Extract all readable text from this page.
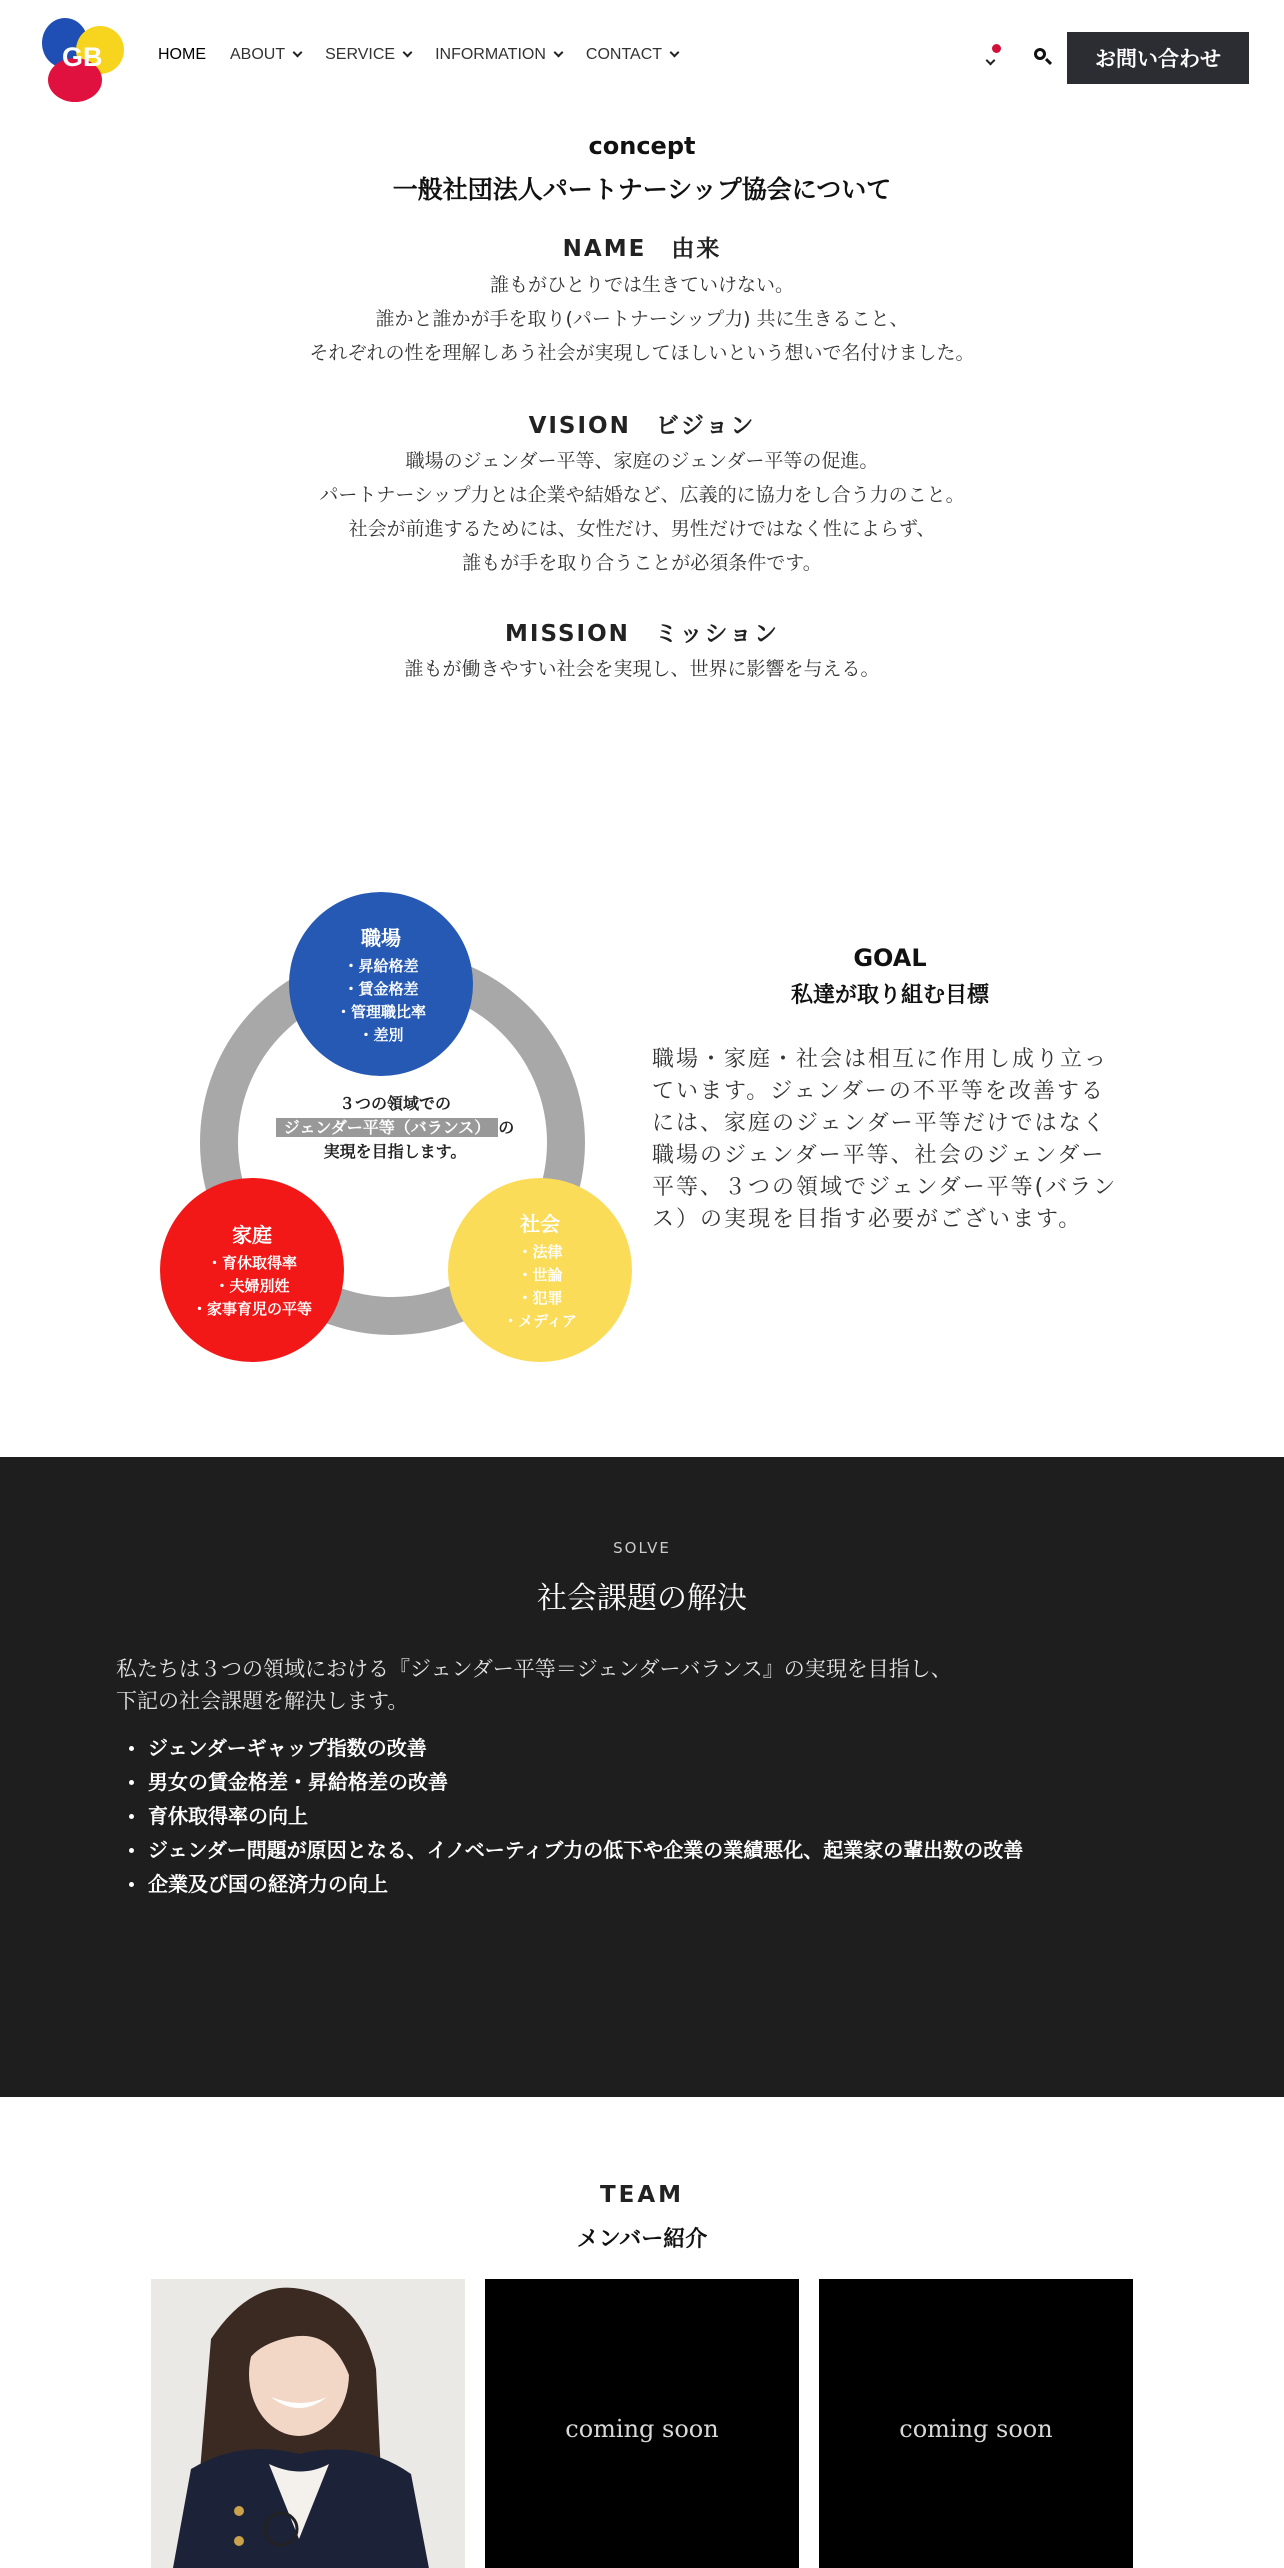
GB	HOME ABOUT	SERVICE	INFORMATION	CONTACT	お問い合わせ
concept
一般社団法人パートナーシップ協会について
NAME　由来
誰もがひとりでは生きていけない。
誰かと誰かが手を取り(パートナーシップ力) 共に生きること、
それぞれの性を理解しあう社会が実現してほしいという想いで名付けました。
VISION　ビジョン
職場のジェンダー平等、家庭のジェンダー平等の促進。
パートナーシップ力とは企業や結婚など、広義的に協力をし合う力のこと。
社会が前進するためには、女性だけ、男性だけではなく性によらず、
誰もが手を取り合うことが必須条件です。
MISSION　ミッション
誰もが働きやすい社会を実現し、世界に影響を与える。
職場
・昇給格差
・賃金格差
・管理職比率
・差別
３つの領域での
ジェンダー平等（バランス） の
実現を目指します。
家庭
・育休取得率
・夫婦別姓
・家事育児の平等
社会
・法律
・世論
・犯罪
・メディア
GOAL
私達が取り組む目標
職場・家庭・社会は相互に作用し成り立っています。ジェンダーの不平等を改善するには、家庭のジェンダー平等だけではなく職場のジェンダー平等、社会のジェンダー平等、３つの領域でジェンダー平等(バランス）の実現を目指す必要がございます。
SOLVE
社会課題の解決
私たちは３つの領域における『ジェンダー平等＝ジェンダーバランス』の実現を目指し、
下記の社会課題を解決します。
ジェンダーギャップ指数の改善
男女の賃金格差・昇給格差の改善
育休取得率の向上
ジェンダー問題が原因となる、イノベーティブ力の低下や企業の業績悪化、起業家の輩出数の改善
企業及び国の経済力の向上
TEAM
メンバー紹介
coming soon	coming soon
